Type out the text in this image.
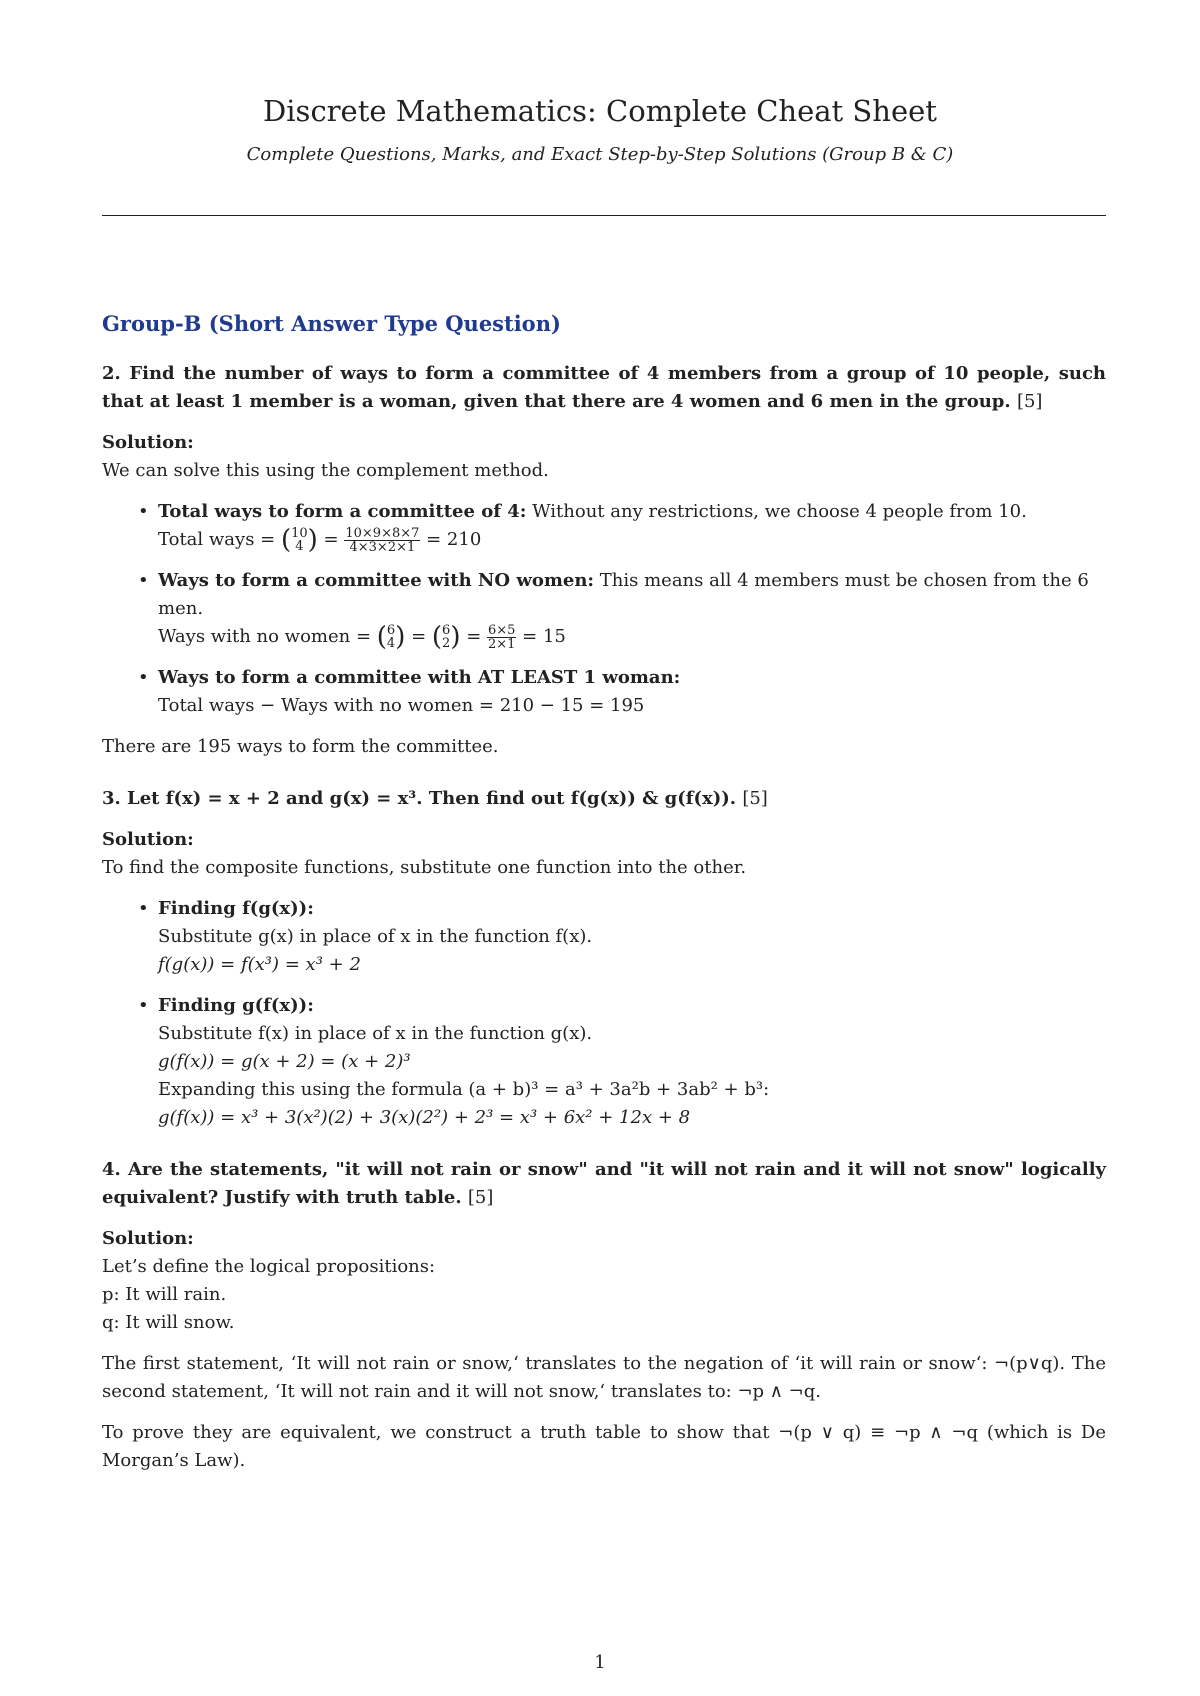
Discrete Mathematics: Complete Cheat Sheet
Complete Questions, Marks, and Exact Step-by-Step Solutions (Group B & C)
Group-B (Short Answer Type Question)
2. Find the number of ways to form a committee of 4 members from a group of 10 people, such that at least 1 member is a woman, given that there are 4 women and 6 men in the group. [5]
Solution:
We can solve this using the complement method.
• Total ways to form a committee of 4: Without any restrictions, we choose 4 people from 10.
Total ways = ( 10
4 ) = $\frac{10\times 9\times 8\times 7}{4\times 3\times 2\times 1} = 210$
• Ways to form a committee with NO women: This means all 4 members must be chosen from the 6 men.
Ways with no women = ( 6
4 ) = ( 6
2 ) = $\frac{6\times 5}{2\times 1} = 15$
• Ways to form a committee with AT LEAST 1 woman:
Total ways − Ways with no women = 210 − 15 = 195
There are 195 ways to form the committee.
3. Let f(x) = x + 2 and g(x) = x³. Then find out f(g(x)) & g(f(x)). [5]
Solution:
To find the composite functions, substitute one function into the other.
• Finding f(g(x)):
Substitute g(x) in place of x in the function f(x).
f(g(x)) = f(x³) = x³ + 2
• Finding g(f(x)):
Substitute f(x) in place of x in the function g(x).
g(f(x)) = g(x + 2) = (x + 2)³
Expanding this using the formula (a + b)³ = a³ + 3a²b + 3ab² + b³:
g(f(x)) = x³ + 3(x²)(2) + 3(x)(2²) + 2³ = x³ + 6x² + 12x + 8
4. Are the statements, "it will not rain or snow" and "it will not rain and it will not snow" logically equivalent? Justify with truth table. [5]
Solution:
Let’s define the logical propositions:
p: It will rain.
q: It will snow.
The first statement, ‘It will not rain or snow,‘ translates to the negation of ‘it will rain or snow‘: ¬(p∨q). The second statement, ‘It will not rain and it will not snow,‘ translates to: ¬p ∧ ¬q.
To prove they are equivalent, we construct a truth table to show that ¬(p ∨ q) ≡ ¬p ∧ ¬q (which is De Morgan’s Law).
1
